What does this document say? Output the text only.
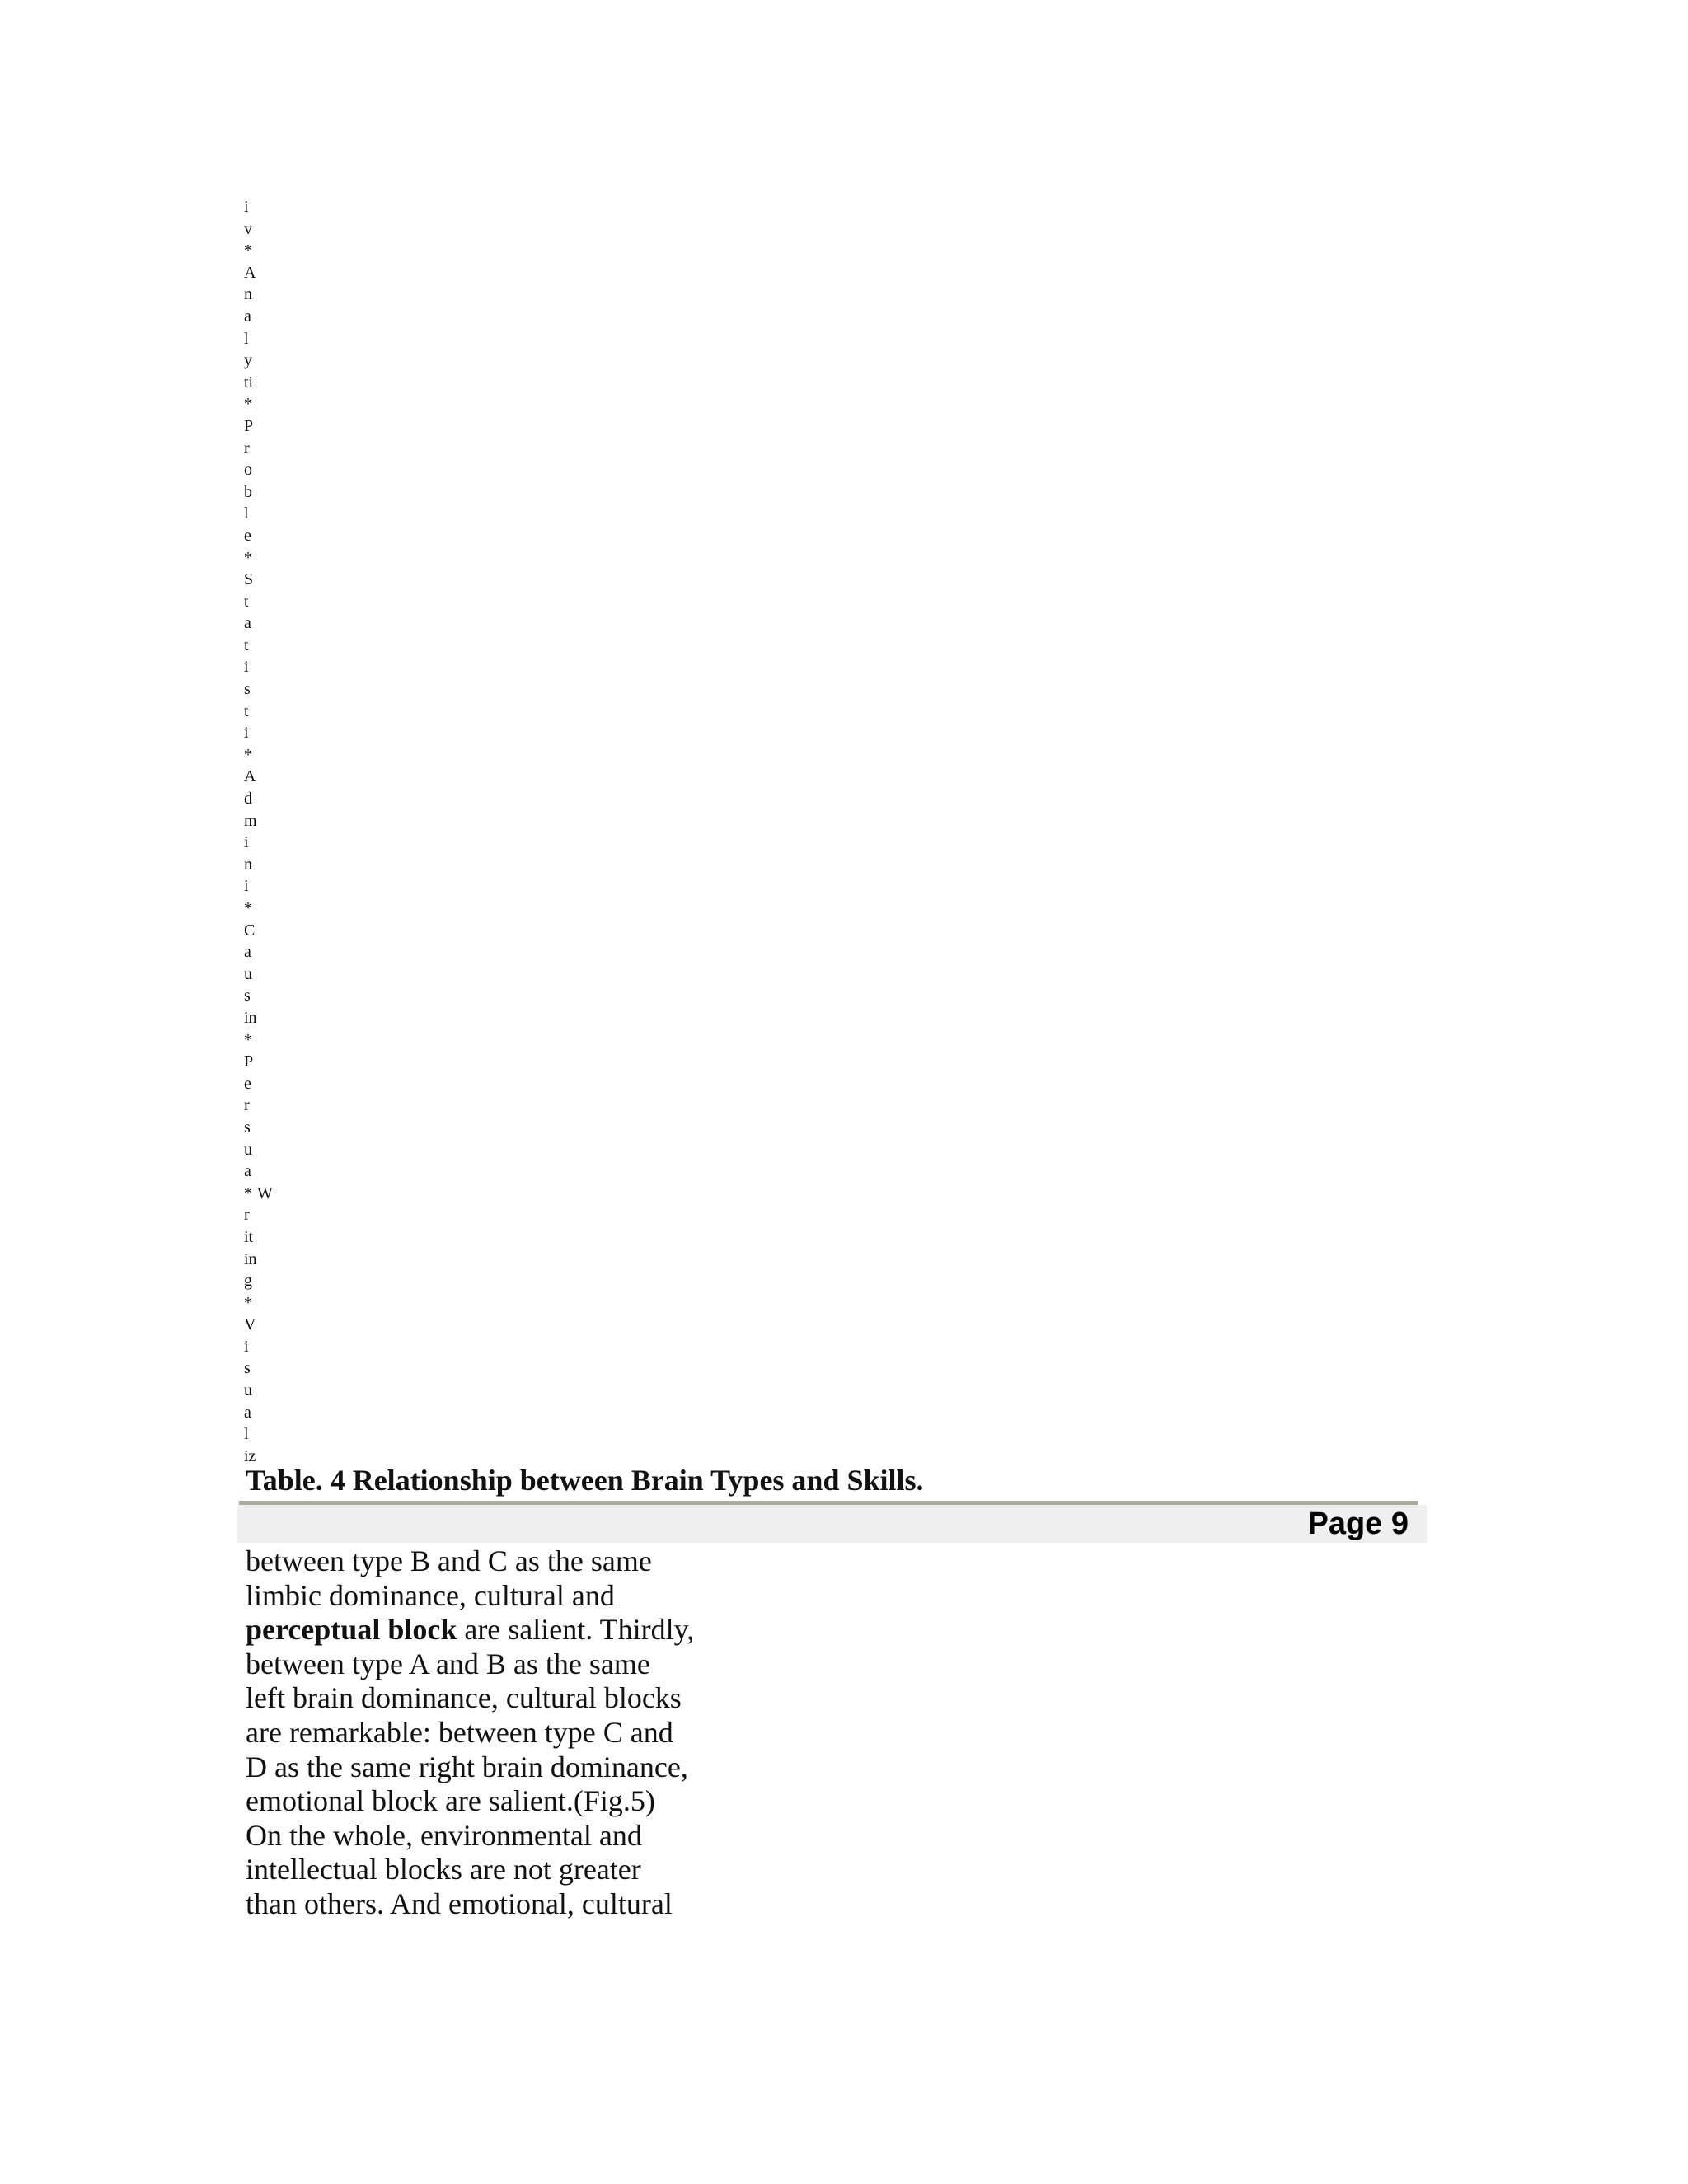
i
v
*
A
n
a
l
y
ti
*
P
r
o
b
l
e
*
S
t
a
t
i
s
t
i
*
A
d
m
i
n
i
*
C
a
u
s
in
*
P
e
r
s
u
a
* W
r
it
in
g
*
V
i
s
u
a
l
iz
Table. 4 Relationship between Brain Types and Skills.
Page 9
between type B and C as the same
limbic dominance, cultural and
perceptual block are salient. Thirdly,
between type A and B as the same
left brain dominance, cultural blocks
are remarkable: between type C and
D as the same right brain dominance,
emotional block are salient.(Fig.5)
On the whole, environmental and
intellectual blocks are not greater
than others. And emotional, cultural
